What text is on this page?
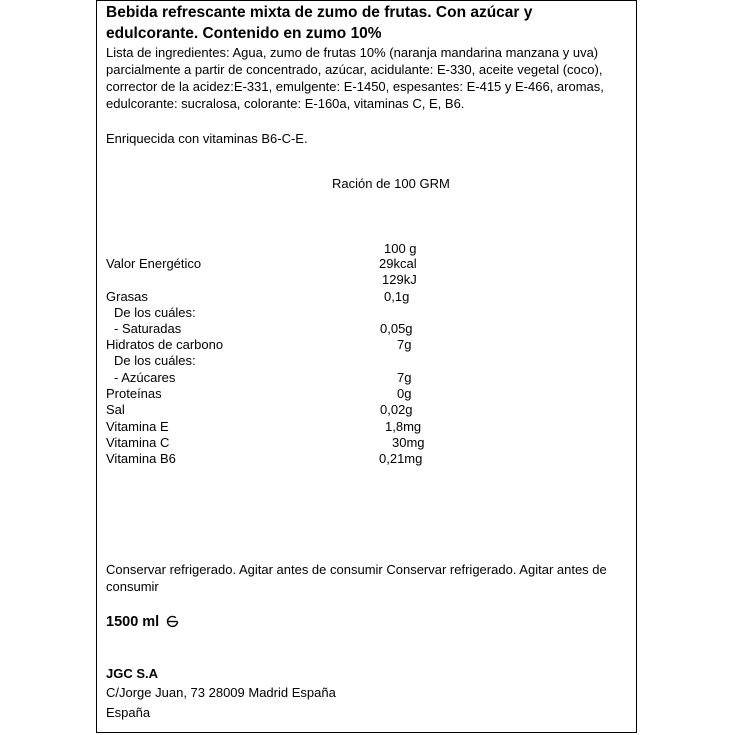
Bebida refrescante mixta de zumo de frutas. Con azúcar y edulcorante. Contenido en zumo 10%
Lista de ingredientes: Agua, zumo de frutas 10% (naranja mandarina manzana y uva) parcialmente a partir de concentrado, azúcar, acidulante: E-330, aceite vegetal (coco), corrector de la acidez:E-331, emulgente: E-1450, espesantes: E-415 y E-466, aromas, edulcorante: sucralosa, colorante: E-160a, vitaminas C, E, B6.
Enriquecida con vitaminas B6-C-E.
Ración de 100 GRM
100 g
Valor Energético	29kcal
129kJ
Grasas	0,1g
De los cuáles:
- Saturadas	0,05g
Hidratos de carbono	7g
De los cuáles:
- Azúcares	7g
Proteínas	0g
Sal	0,02g
Vitamina E	1,8mg
Vitamina C	30mg
Vitamina B6	0,21mg
Conservar refrigerado. Agitar antes de consumir Conservar refrigerado. Agitar antes de consumir
1500 ml
JGC S.A
C/Jorge Juan, 73 28009 Madrid España
España
